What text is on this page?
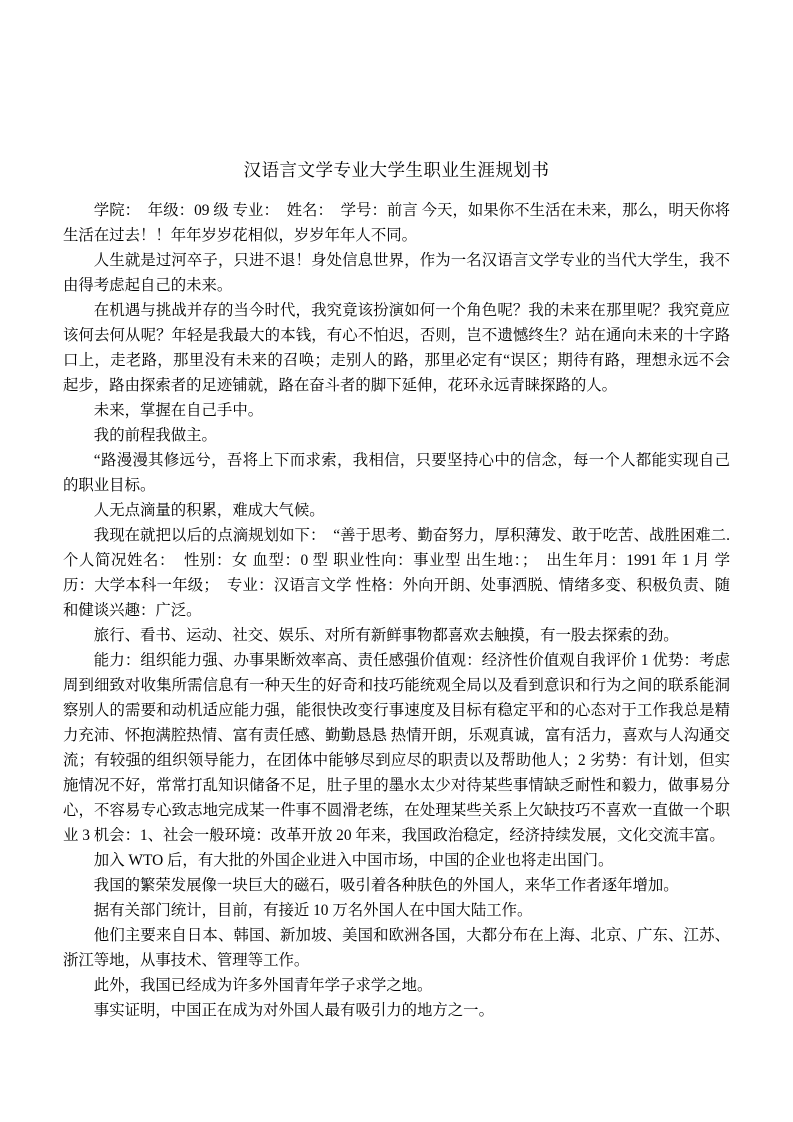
汉语言文学专业大学生职业生涯规划书

学院：  年级：09 级 专业：  姓名：  学号：前言 今天，如果你不生活在未来，那么，明天你将生活在过去！！年年岁岁花相似，岁岁年年人不同。

人生就是过河卒子，只进不退！身处信息世界，作为一名汉语言文学专业的当代大学生，我不由得考虑起自己的未来。

在机遇与挑战并存的当今时代，我究竟该扮演如何一个角色呢？我的未来在那里呢？我究竟应该何去何从呢？年轻是我最大的本钱，有心不怕迟，否则，岂不遗憾终生？站在通向未来的十字路口上，走老路，那里没有未来的召唤；走别人的路，那里必定有“误区；期待有路，理想永远不会起步，路由探索者的足迹铺就，路在奋斗者的脚下延伸，花环永远青睐探路的人。

未来，掌握在自己手中。

我的前程我做主。

“路漫漫其修远兮，吾将上下而求索，我相信，只要坚持心中的信念，每一个人都能实现自己的职业目标。

人无点滴量的积累，难成大气候。

我现在就把以后的点滴规划如下：  “善于思考、勤奋努力，厚积薄发、敢于吃苦、战胜困难二. 个人简况姓名：  性别：女 血型：0 型 职业性向：事业型 出生地：；  出生年月：1991 年 1 月 学历：大学本科一年级；  专业：汉语言文学 性格：外向开朗、处事洒脱、情绪多变、积极负责、随和健谈兴趣：广泛。

旅行、看书、运动、社交、娱乐、对所有新鲜事物都喜欢去触摸，有一股去探索的劲。

能力：组织能力强、办事果断效率高、责任感强价值观：经济性价值观自我评价 1 优势：考虑周到细致对收集所需信息有一种天生的好奇和技巧能统观全局以及看到意识和行为之间的联系能洞察别人的需要和动机适应能力强，能很快改变行事速度及目标有稳定平和的心态对于工作我总是精力充沛、怀抱满腔热情、富有责任感、勤勤恳恳 热情开朗，乐观真诚，富有活力，喜欢与人沟通交流；有较强的组织领导能力，在团体中能够尽到应尽的职责以及帮助他人；2 劣势：有计划，但实施情况不好，常常打乱知识储备不足，肚子里的墨水太少对待某些事情缺乏耐性和毅力，做事易分心，不容易专心致志地完成某一件事不圆滑老练，在处理某些关系上欠缺技巧不喜欢一直做一个职业 3 机会：1、社会一般环境：改革开放 20 年来，我国政治稳定，经济持续发展，文化交流丰富。

加入 WTO 后，有大批的外国企业进入中国市场，中国的企业也将走出国门。

我国的繁荣发展像一块巨大的磁石，吸引着各种肤色的外国人，来华工作者逐年增加。

据有关部门统计，目前，有接近 10 万名外国人在中国大陆工作。

他们主要来自日本、韩国、新加坡、美国和欧洲各国，大都分布在上海、北京、广东、江苏、浙江等地，从事技术、管理等工作。

此外，我国已经成为许多外国青年学子求学之地。

事实证明，中国正在成为对外国人最有吸引力的地方之一。
